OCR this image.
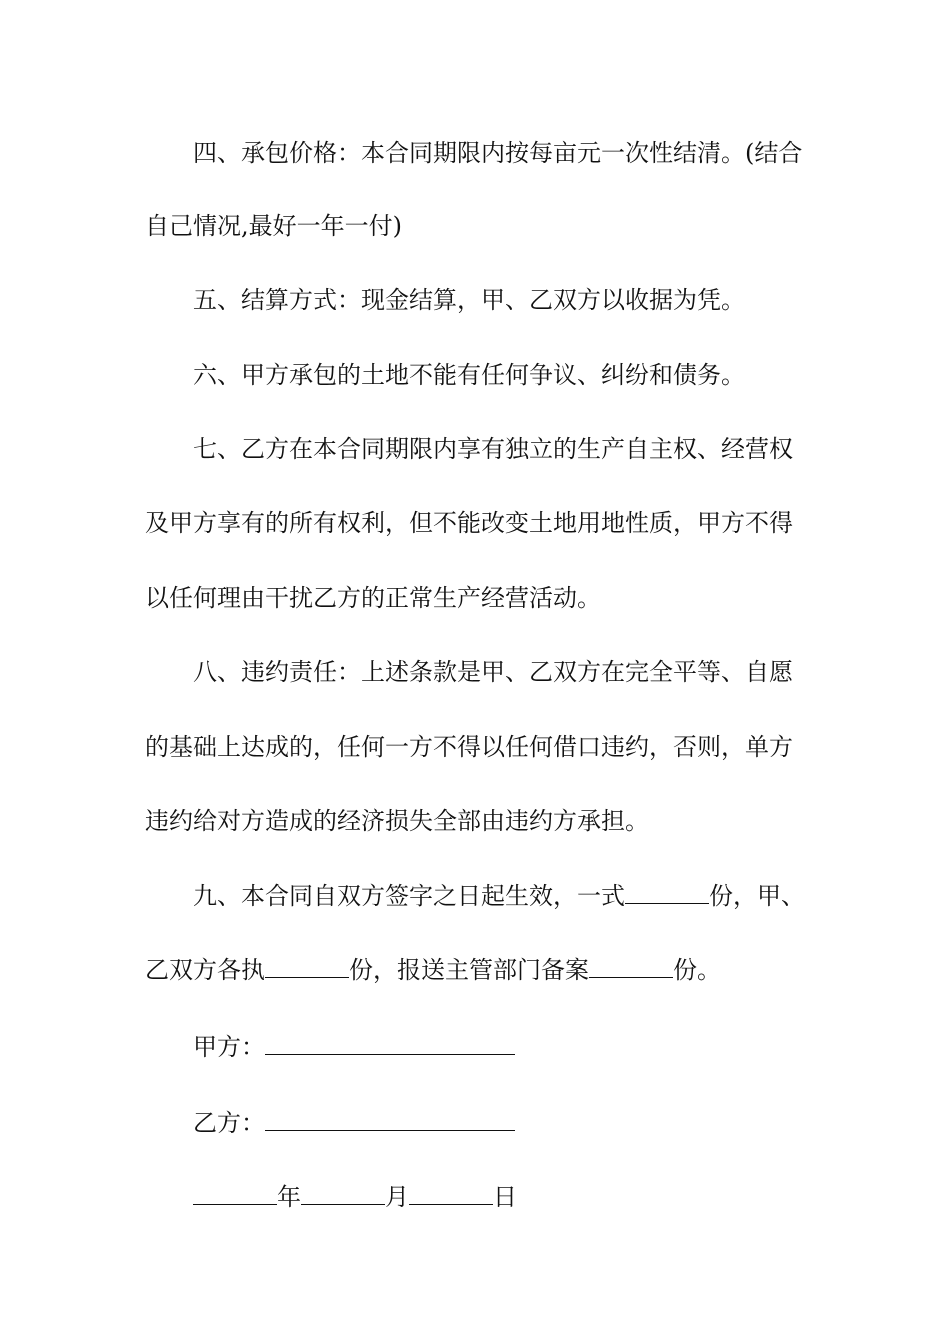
四、承包价格：本合同期限内按每亩元一次性结清。(结合
自己情况,最好一年一付)
五、结算方式：现金结算，甲、乙双方以收据为凭。
六、甲方承包的土地不能有任何争议、纠纷和债务。
七、乙方在本合同期限内享有独立的生产自主权、经营权
及甲方享有的所有权利，但不能改变土地用地性质，甲方不得
以任何理由干扰乙方的正常生产经营活动。
八、违约责任：上述条款是甲、乙双方在完全平等、自愿
的基础上达成的，任何一方不得以任何借口违约，否则，单方
违约给对方造成的经济损失全部由违约方承担。
九、本合同自双方签字之日起生效，一式	份，甲、
乙双方各执	份，报送主管部门备案	份。
甲方：
乙方：
年	月	日
